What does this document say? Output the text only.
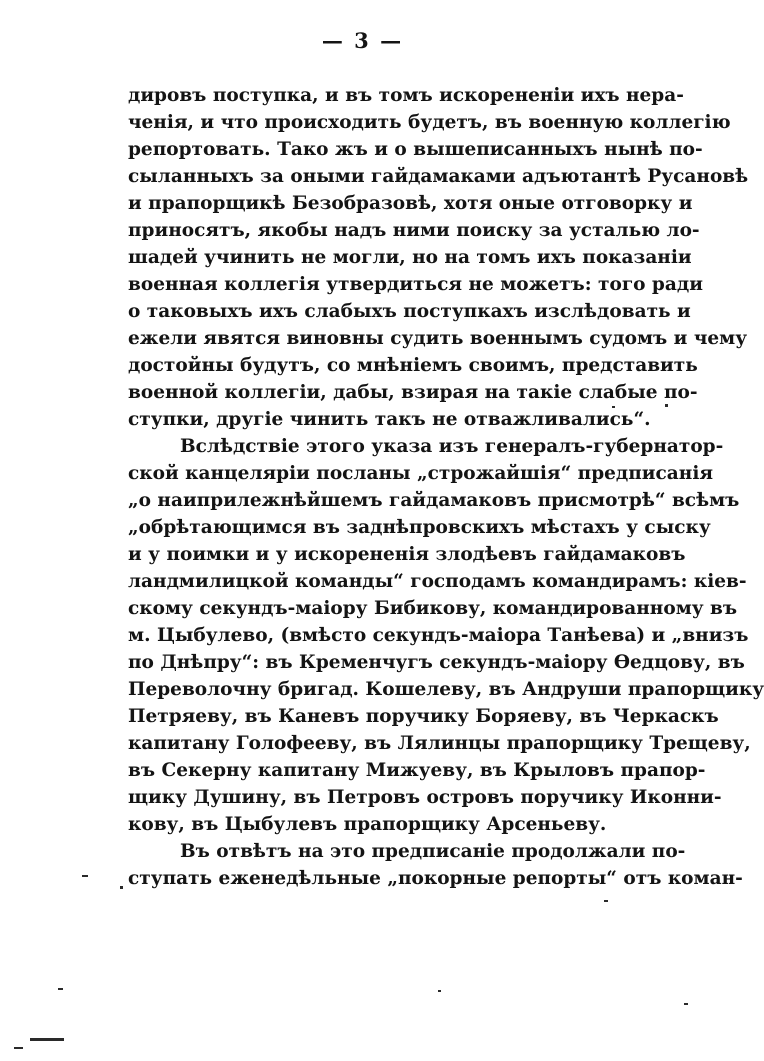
— 3 —
дировъ поступка, и въ томъ искорененіи ихъ нера-
ченія, и что происходить будетъ, въ военную коллегію
репортовать. Тако жъ и о вышеписанныхъ нынѣ по-
сыланныхъ за оными гайдамаками адъютантѣ Русановѣ
и прапорщикѣ Безобразовѣ, хотя оные отговорку и
приносятъ, якобы надъ ними поиску за усталью ло-
шадей учинить не могли, но на томъ ихъ показаніи
военная коллегія утвердиться не можетъ: того ради
о таковыхъ ихъ слабыхъ поступкахъ изслѣдовать и
ежели явятся виновны судить военнымъ судомъ и чему
достойны будутъ, со мнѣніемъ своимъ, представить
военной коллегіи, дабы, взирая на такіе слабые по-
ступки, другіе чинить такъ не отважливались“.
Вслѣдствіе этого указа изъ генералъ-губернатор-
ской канцеляріи посланы „строжайшія“ предписанія
„о наиприлежнѣйшемъ гайдамаковъ присмотрѣ“ всѣмъ
„обрѣтающимся въ заднѣпровскихъ мѣстахъ у сыску
и у поимки и у искорененія злодѣевъ гайдамаковъ
ландмилицкой команды“ господамъ командирамъ: кіев-
скому секундъ-маіору Бибикову, командированному въ
м. Цыбулево, (вмѣсто секундъ-маіора Танѣева) и „внизъ
по Днѣпру“: въ Кременчугъ секундъ-маіору Өедцову, въ
Переволочну бригад. Кошелеву, въ Андруши прапорщику
Петряеву, въ Каневъ поручику Боряеву, въ Черкаскъ
капитану Голофееву, въ Лялинцы прапорщику Трещеву,
въ Секерну капитану Мижуеву, въ Крыловъ прапор-
щику Душину, въ Петровъ островъ поручику Иконни-
кову, въ Цыбулевъ прапорщику Арсеньеву.
Въ отвѣтъ на это предписаніе продолжали по-
ступать еженедѣльные „покорные репорты“ отъ коман-
